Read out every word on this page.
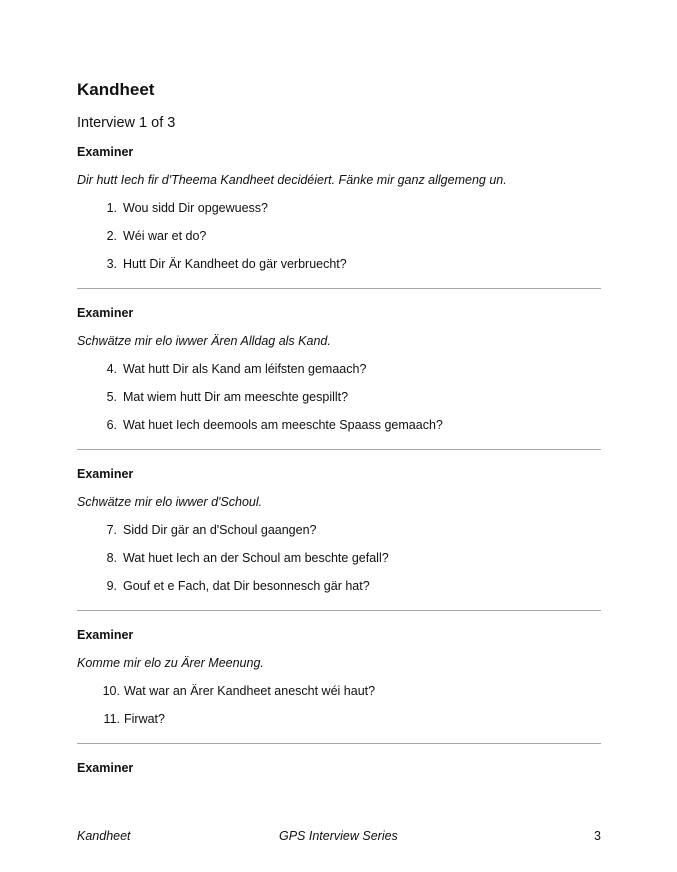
Kandheet

Interview 1 of 3

Examiner

Dir hutt Iech fir d'Theema Kandheet decidéiert. Fänke mir ganz allgemeng un.

1. Wou sidd Dir opgewuess?
2. Wéi war et do?
3. Hutt Dir Är Kandheet do gär verbruecht?

Examiner

Schwätze mir elo iwwer Ären Alldag als Kand.

4. Wat hutt Dir als Kand am léifsten gemaach?
5. Mat wiem hutt Dir am meeschte gespillt?
6. Wat huet Iech deemools am meeschte Spaass gemaach?

Examiner

Schwätze mir elo iwwer d'Schoul.

7. Sidd Dir gär an d'Schoul gaangen?
8. Wat huet Iech an der Schoul am beschte gefall?
9. Gouf et e Fach, dat Dir besonnesch gär hat?

Examiner

Komme mir elo zu Ärer Meenung.

10. Wat war an Ärer Kandheet anescht wéi haut?
11. Firwat?

Examiner

Kandheet	GPS Interview Series	3
